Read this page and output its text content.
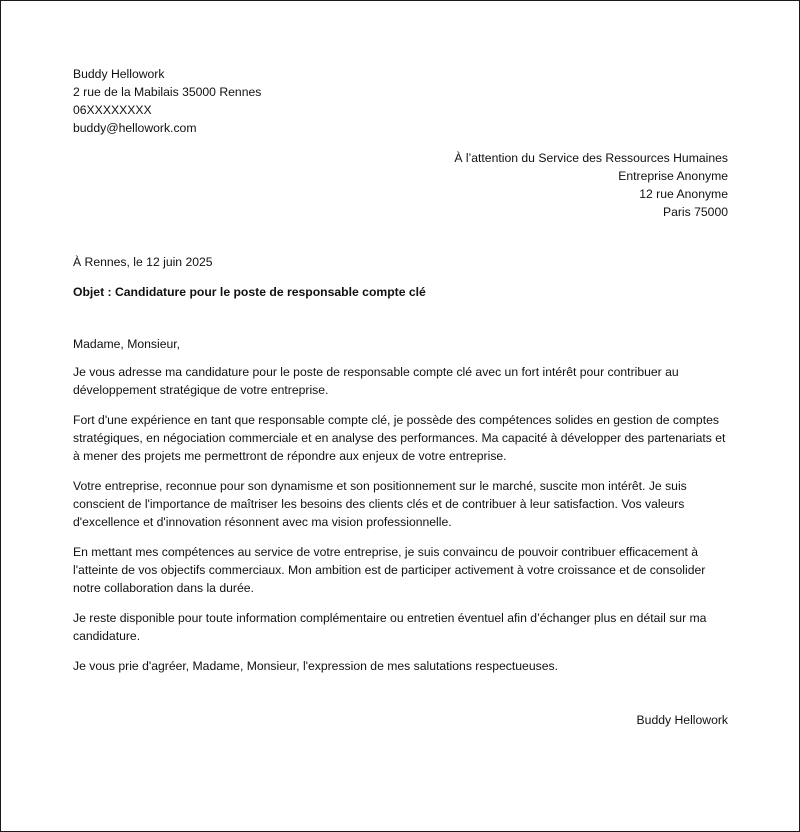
Buddy Hellowork
2 rue de la Mabilais 35000 Rennes
06XXXXXXXX
buddy@hellowork.com
À l’attention du Service des Ressources Humaines
Entreprise Anonyme
12 rue Anonyme
Paris 75000
À Rennes, le 12 juin 2025
Objet : Candidature pour le poste de responsable compte clé
Madame, Monsieur,

Je vous adresse ma candidature pour le poste de responsable compte clé avec un fort intérêt pour contribuer au développement stratégique de votre entreprise.

Fort d'une expérience en tant que responsable compte clé, je possède des compétences solides en gestion de comptes stratégiques, en négociation commerciale et en analyse des performances. Ma capacité à développer des partenariats et à mener des projets me permettront de répondre aux enjeux de votre entreprise.

Votre entreprise, reconnue pour son dynamisme et son positionnement sur le marché, suscite mon intérêt. Je suis conscient de l'importance de maîtriser les besoins des clients clés et de contribuer à leur satisfaction. Vos valeurs d'excellence et d'innovation résonnent avec ma vision professionnelle.

En mettant mes compétences au service de votre entreprise, je suis convaincu de pouvoir contribuer efficacement à l'atteinte de vos objectifs commerciaux. Mon ambition est de participer activement à votre croissance et de consolider notre collaboration dans la durée.

Je reste disponible pour toute information complémentaire ou entretien éventuel afin d’échanger plus en détail sur ma candidature.

Je vous prie d'agréer, Madame, Monsieur, l'expression de mes salutations respectueuses.

Buddy Hellowork
